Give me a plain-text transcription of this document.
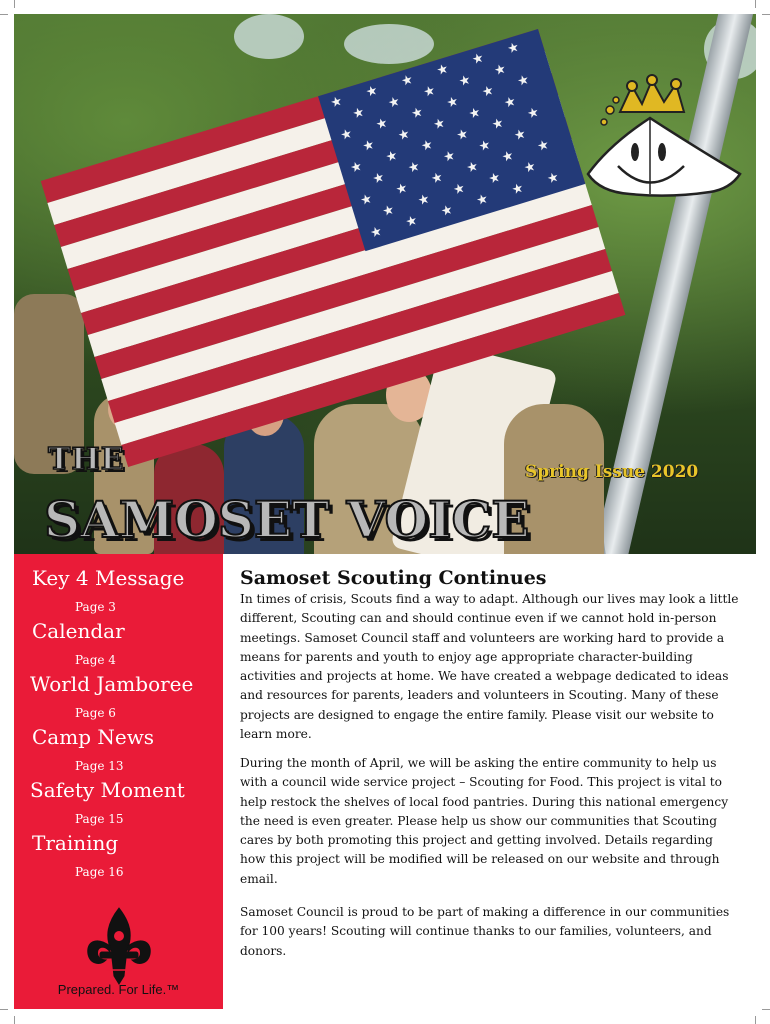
★
★
★
★
★
★
★
★
★
★
★
★
★
★
★
★
★
★
★
★
★
★
★
★
★
★
★
★
★
★
★
★
★
★
★
★
★
★
★
★
★
★
★
★
★
★
★
★
★
★
THE
SAMOSET VOICE
Spring Issue 2020
Key 4 Message
Page 3
Calendar
Page 4
World Jamboree
Page 6
Camp News
Page 13
Safety Moment
Page 15
Training
Page 16

Prepared. For Life.™

Samoset Scouting Continues

In times of crisis, Scouts find a way to adapt. Although our lives may look a little different, Scouting can and should continue even if we cannot hold in-person meetings. Samoset Council staff and volunteers are working hard to provide a means for parents and youth to enjoy age appropriate character-building activities and projects at home. We have created a webpage dedicated to ideas and resources for parents, leaders and volunteers in Scouting. Many of these projects are designed to engage the entire family. Please visit our website to learn more.

During the month of April, we will be asking the entire community to help us with a council wide service project – Scouting for Food. This project is vital to help restock the shelves of local food pantries. During this national emergency the need is even greater. Please help us show our communities that Scouting cares by both promoting this project and getting involved. Details regarding how this project will be modified will be released on our website and through email.

Samoset Council is proud to be part of making a difference in our communities for 100 years! Scouting will continue thanks to our families, volunteers, and donors.
